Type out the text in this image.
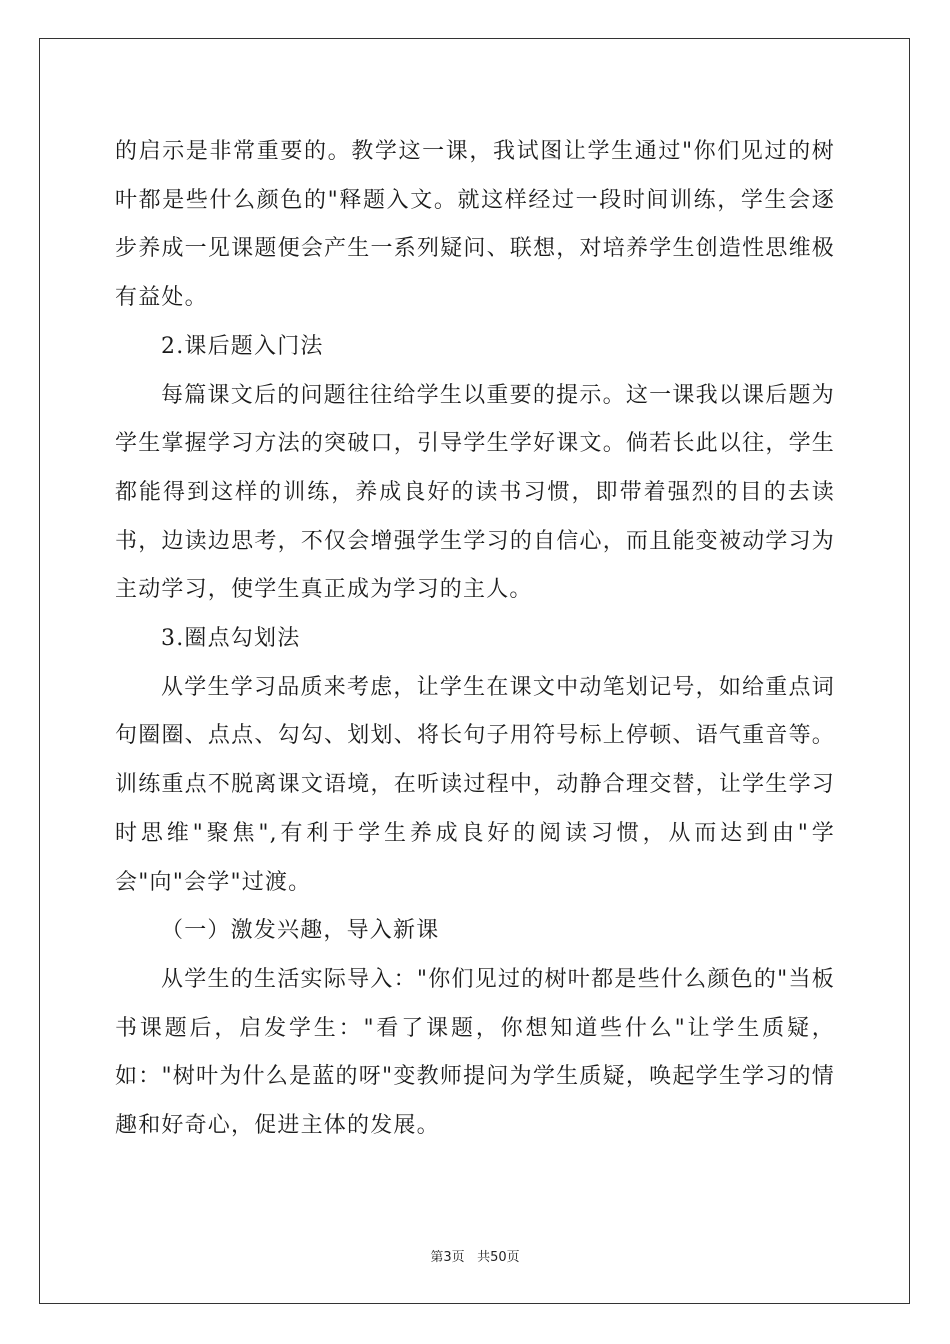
的启示是非常重要的。教学这一课，我试图让学生通过"你们见过的树叶都是些什么颜色的"释题入文。就这样经过一段时间训练，学生会逐步养成一见课题便会产生一系列疑问、联想，对培养学生创造性思维极有益处。

2.课后题入门法

每篇课文后的问题往往给学生以重要的提示。这一课我以课后题为学生掌握学习方法的突破口，引导学生学好课文。倘若长此以往，学生都能得到这样的训练，养成良好的读书习惯，即带着强烈的目的去读书，边读边思考，不仅会增强学生学习的自信心，而且能变被动学习为主动学习，使学生真正成为学习的主人。

3.圈点勾划法

从学生学习品质来考虑，让学生在课文中动笔划记号，如给重点词句圈圈、点点、勾勾、划划、将长句子用符号标上停顿、语气重音等。训练重点不脱离课文语境，在听读过程中，动静合理交替，让学生学习时思维"聚焦",有利于学生养成良好的阅读习惯，从而达到由"学会"向"会学"过渡。

（一）激发兴趣，导入新课

从学生的生活实际导入："你们见过的树叶都是些什么颜色的"当板书课题后，启发学生："看了课题，你想知道些什么"让学生质疑，如："树叶为什么是蓝的呀"变教师提问为学生质疑，唤起学生学习的情趣和好奇心，促进主体的发展。

第3页 共50页
